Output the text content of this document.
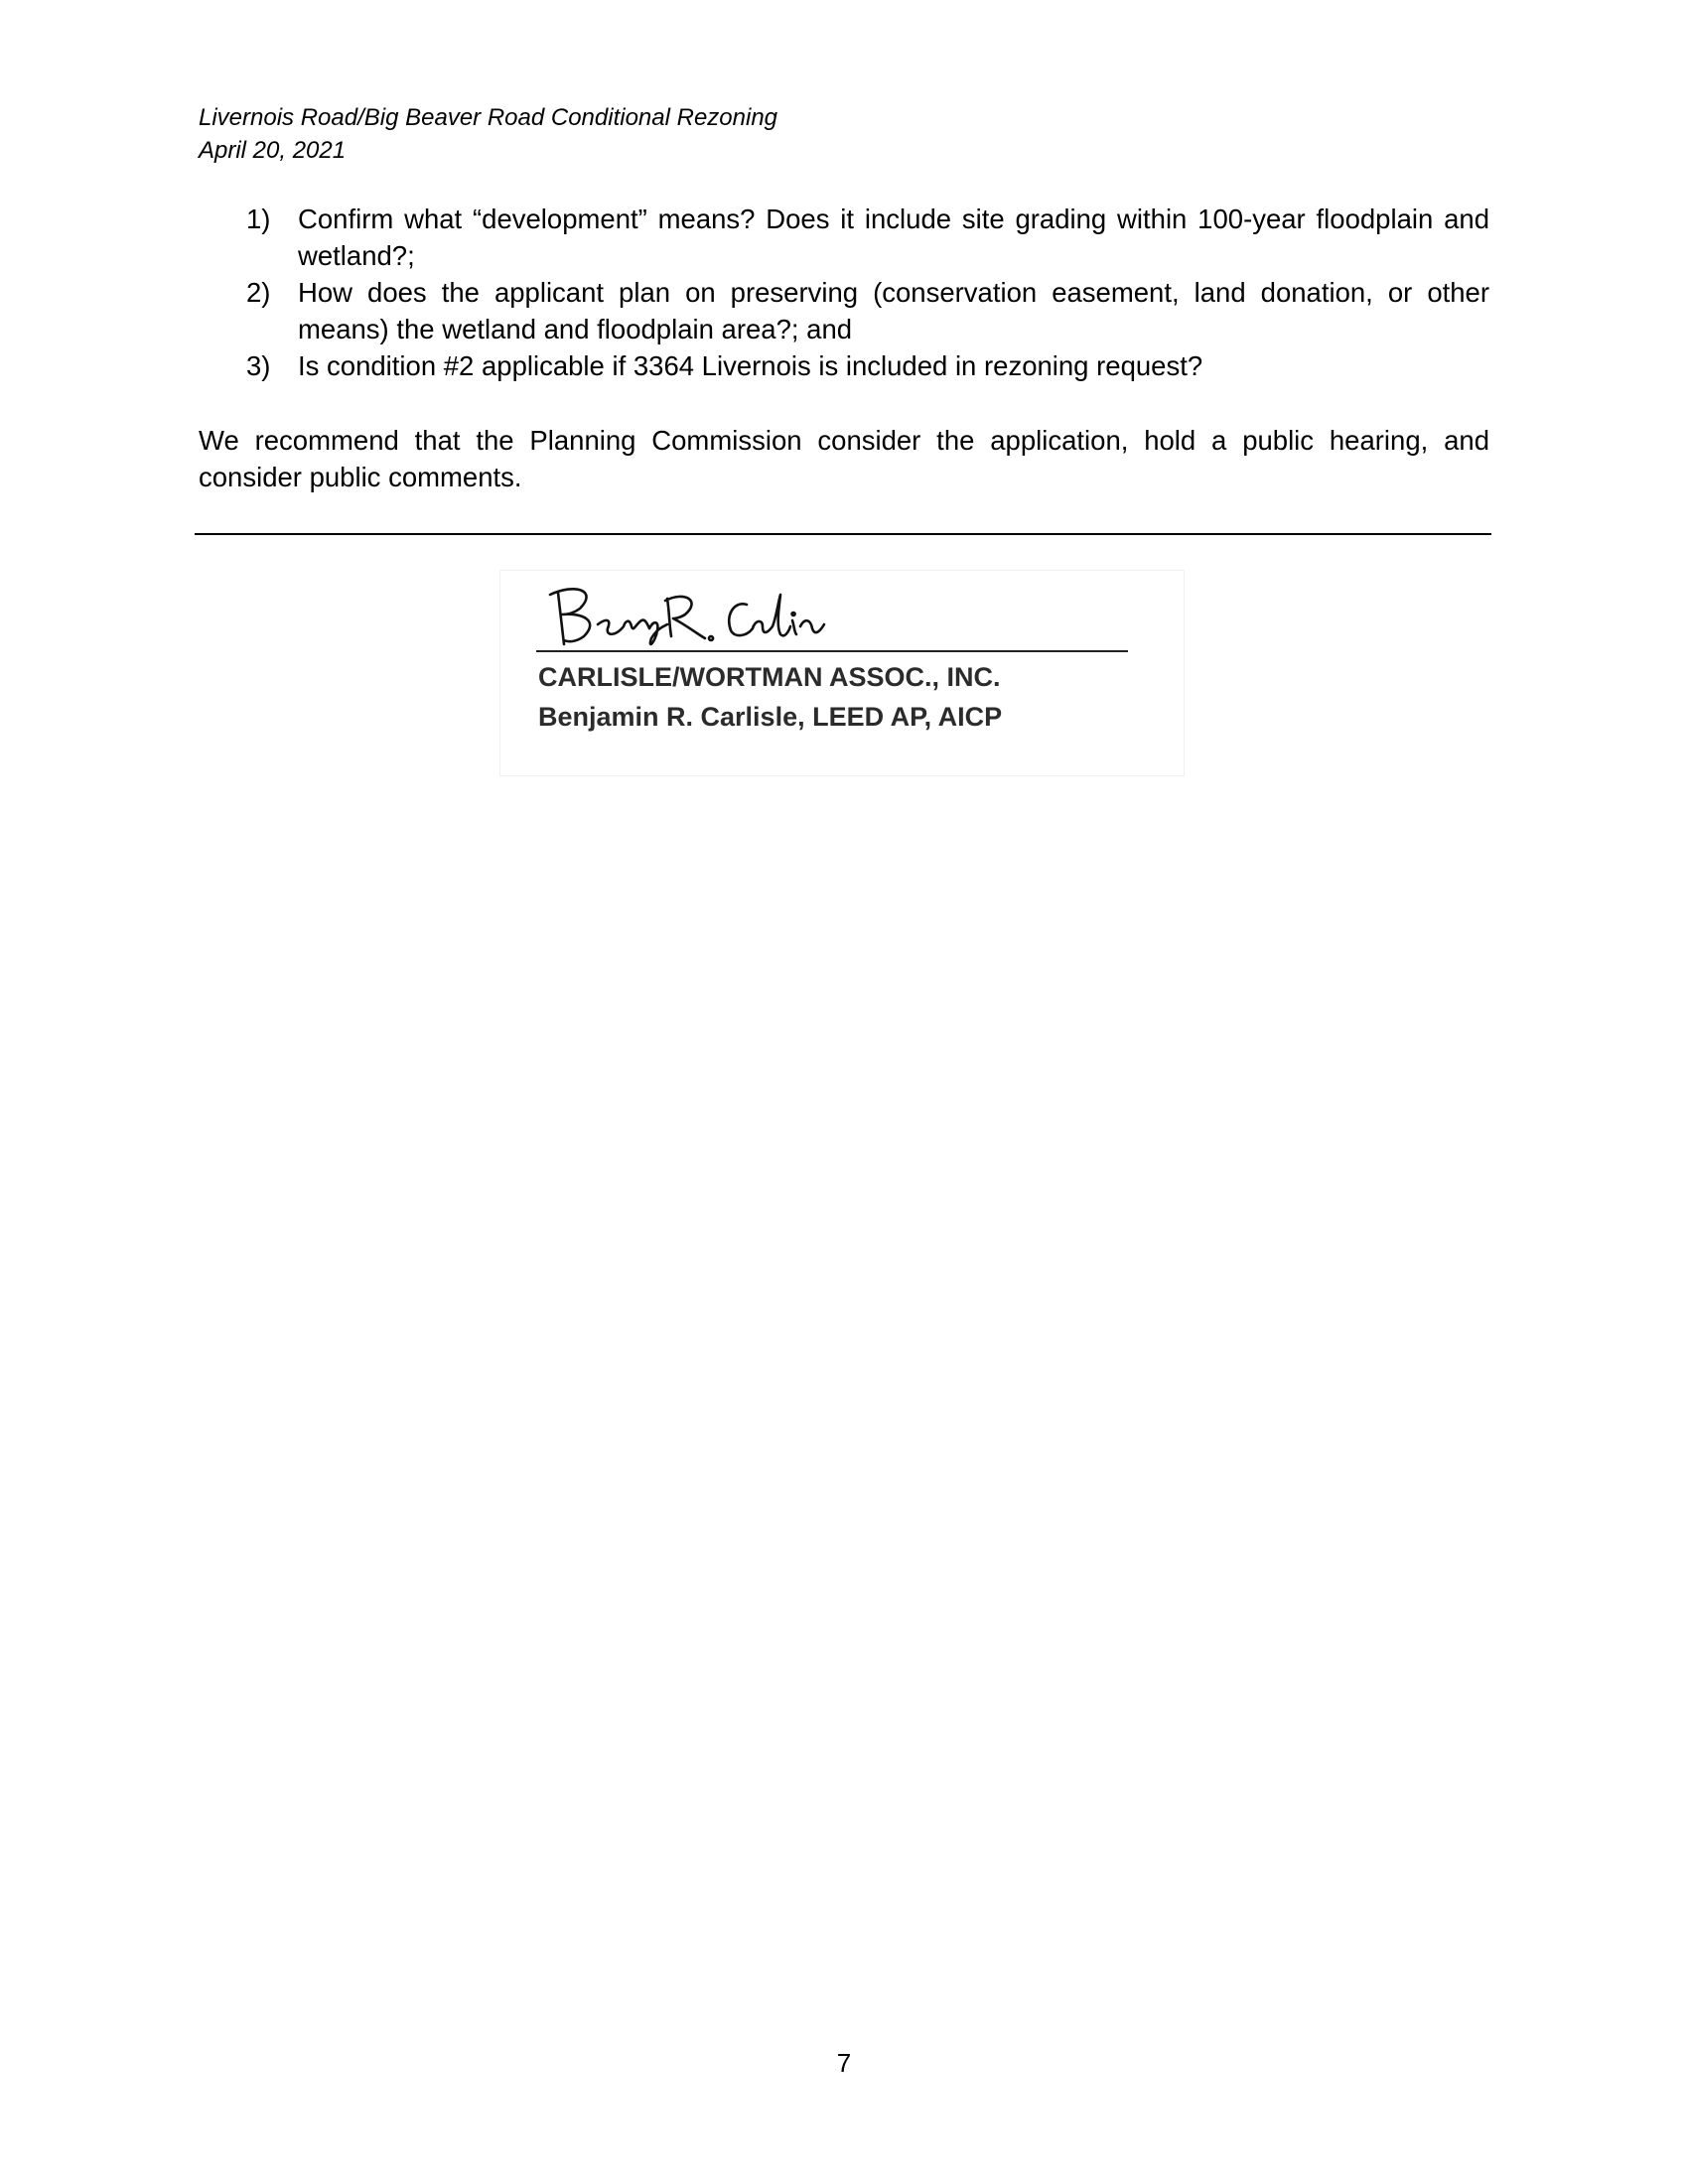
Livernois Road/Big Beaver Road Conditional Rezoning
April 20, 2021
1) Confirm what “development” means? Does it include site grading within 100-year floodplain and wetland?;
2) How does the applicant plan on preserving (conservation easement, land donation, or other means) the wetland and floodplain area?; and
3) Is condition #2 applicable if 3364 Livernois is included in rezoning request?

We recommend that the Planning Commission consider the application, hold a public hearing, and consider public comments.

CARLISLE/WORTMAN ASSOC., INC.
Benjamin R. Carlisle, LEED AP, AICP
7
